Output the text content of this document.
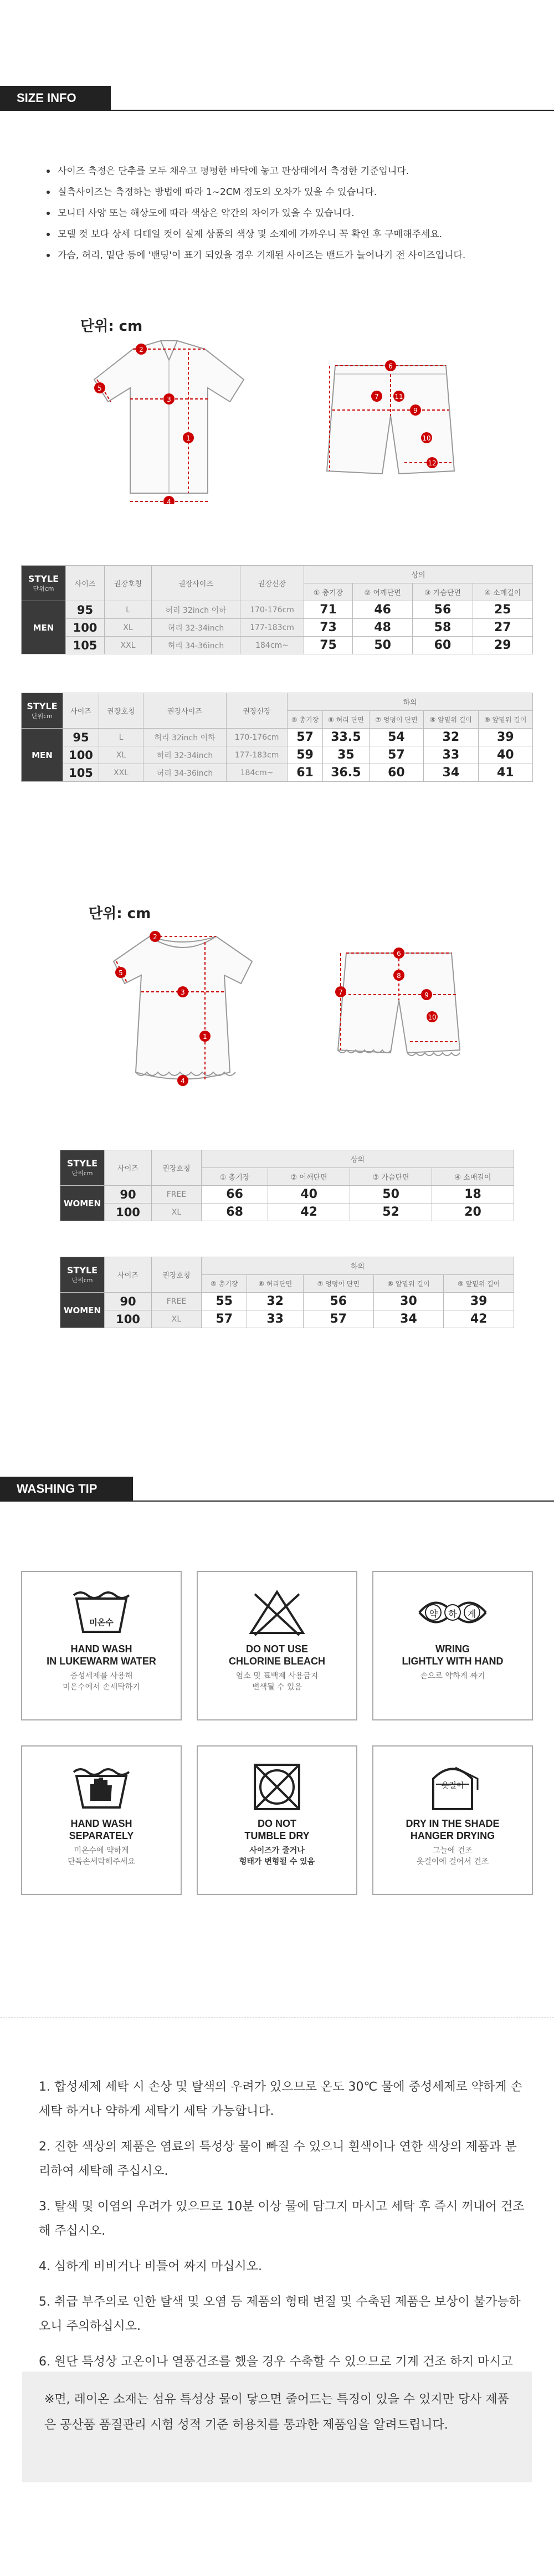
SIZE INFO
사이즈 측정은 단추를 모두 채우고 평평한 바닥에 놓고 판상태에서 측정한 기준입니다.
실측사이즈는 측정하는 방법에 따라 1~2CM 정도의 오차가 있을 수 있습니다.
모니터 사양 또는 해상도에 따라 색상은 약간의 차이가 있을 수 있습니다.
모델 컷 보다 상세 디테일 컷이 실제 상품의 색상 및 소재에 가까우니 꼭 확인 후 구매해주세요.
가슴, 허리, 밑단 등에 '밴딩'이 표기 되었을 경우 기재된 사이즈는 밴드가 늘어나기 전 사이즈입니다.
단위: cm
2
3
1
5
4
6
7 11
9
10
12
STYLE
단위cm	사이즈	권장호칭	권장사이즈	권장신장	상의			
					① 총기장	② 어깨단면	③ 가슴단면	④ 소매길이
MEN	95	L	허리 32inch 이하	170-176cm	71	46	56	25
	100	XL	허리 32-34inch	177-183cm	73	48	58	27
	105	XXL	허리 34-36inch	184cm~	75	50	60	29
STYLE
단위cm	사이즈	권장호칭	권장사이즈	권장신장	하의				
					⑤ 총기장	⑥ 허리 단면	⑦ 엉덩이 단면	⑧ 알밑위 길이	⑨ 앞밑위 길이
MEN	95	L	허리 32inch 이하	170-176cm	57	33.5	54	32	39
	100	XL	허리 32-34inch	177-183cm	59	35	57	33	40
	105	XXL	허리 34-36inch	184cm~	61	36.5	60	34	41
단위: cm
2
3
1
5
4
6
7	9
10
8
STYLE
단위cm	사이즈	권장호칭	상의			
			① 총기장	② 어깨단면	③ 가슴단면	④ 소매길이
WOMEN	90	FREE	66	40	50	18
	100	XL	68	42	52	20
STYLE
단위cm	사이즈	권장호칭	하의				
			⑤ 총기장	⑥ 허리단면	⑦ 엉덩이 단면	⑧ 알밑위 길이	⑨ 앞밑위 길이
WOMEN	90	FREE	55	32	56	30	39
	100	XL	57	33	57	34	42
WASHING TIP
미온수
HAND WASH
IN LUKEWARM WATER
중성세제를 사용해
미온수에서 손세탁하기
DO NOT USE
CHLORINE BLEACH
염소 및 표백제 사용금지
변색될 수 있음
약 하 게
WRING
LIGHTLY WITH HAND
손으로 약하게 짜기
HAND WASH
SEPARATELY
미온수에 약하게
단독손세탁해주세요
DO NOT
TUMBLE DRY
사이즈가 줄거나
형태가 변형될 수 있음
옷걸이
DRY IN THE SHADE
HANGER DRYING
그늘에 건조
옷걸이에 걸어서 건조
1. 합성세제 세탁 시 손상 및 탈색의 우려가 있으므로 온도 30℃ 물에 중성세제로 약하게 손세탁 하거나 약하게 세탁기 세탁 가능합니다.
2. 진한 색상의 제품은 염료의 특성상 물이 빠질 수 있으니 흰색이나 연한 색상의 제품과 분리하여 세탁해 주십시오.
3. 탈색 및 이염의 우려가 있으므로 10분 이상 물에 담그지 마시고 세탁 후 즉시 꺼내어 건조해 주십시오.
4. 심하게 비비거나 비틀어 짜지 마십시오.
5. 취급 부주의로 인한 탈색 및 오염 등 제품의 형태 변질 및 수축된 제품은 보상이 불가능하오니 주의하십시오.
6. 원단 특성상 고온이나 열풍건조를 했을 경우 수축할 수 있으므로 기계 건조 하지 마시고
※면, 레이온 소재는 섬유 특성상 물이 닿으면 줄어드는 특징이 있을 수 있지만 당사 제품은 공산품 품질관리 시험 성적 기준 허용치를 통과한 제품임을 알려드립니다.
